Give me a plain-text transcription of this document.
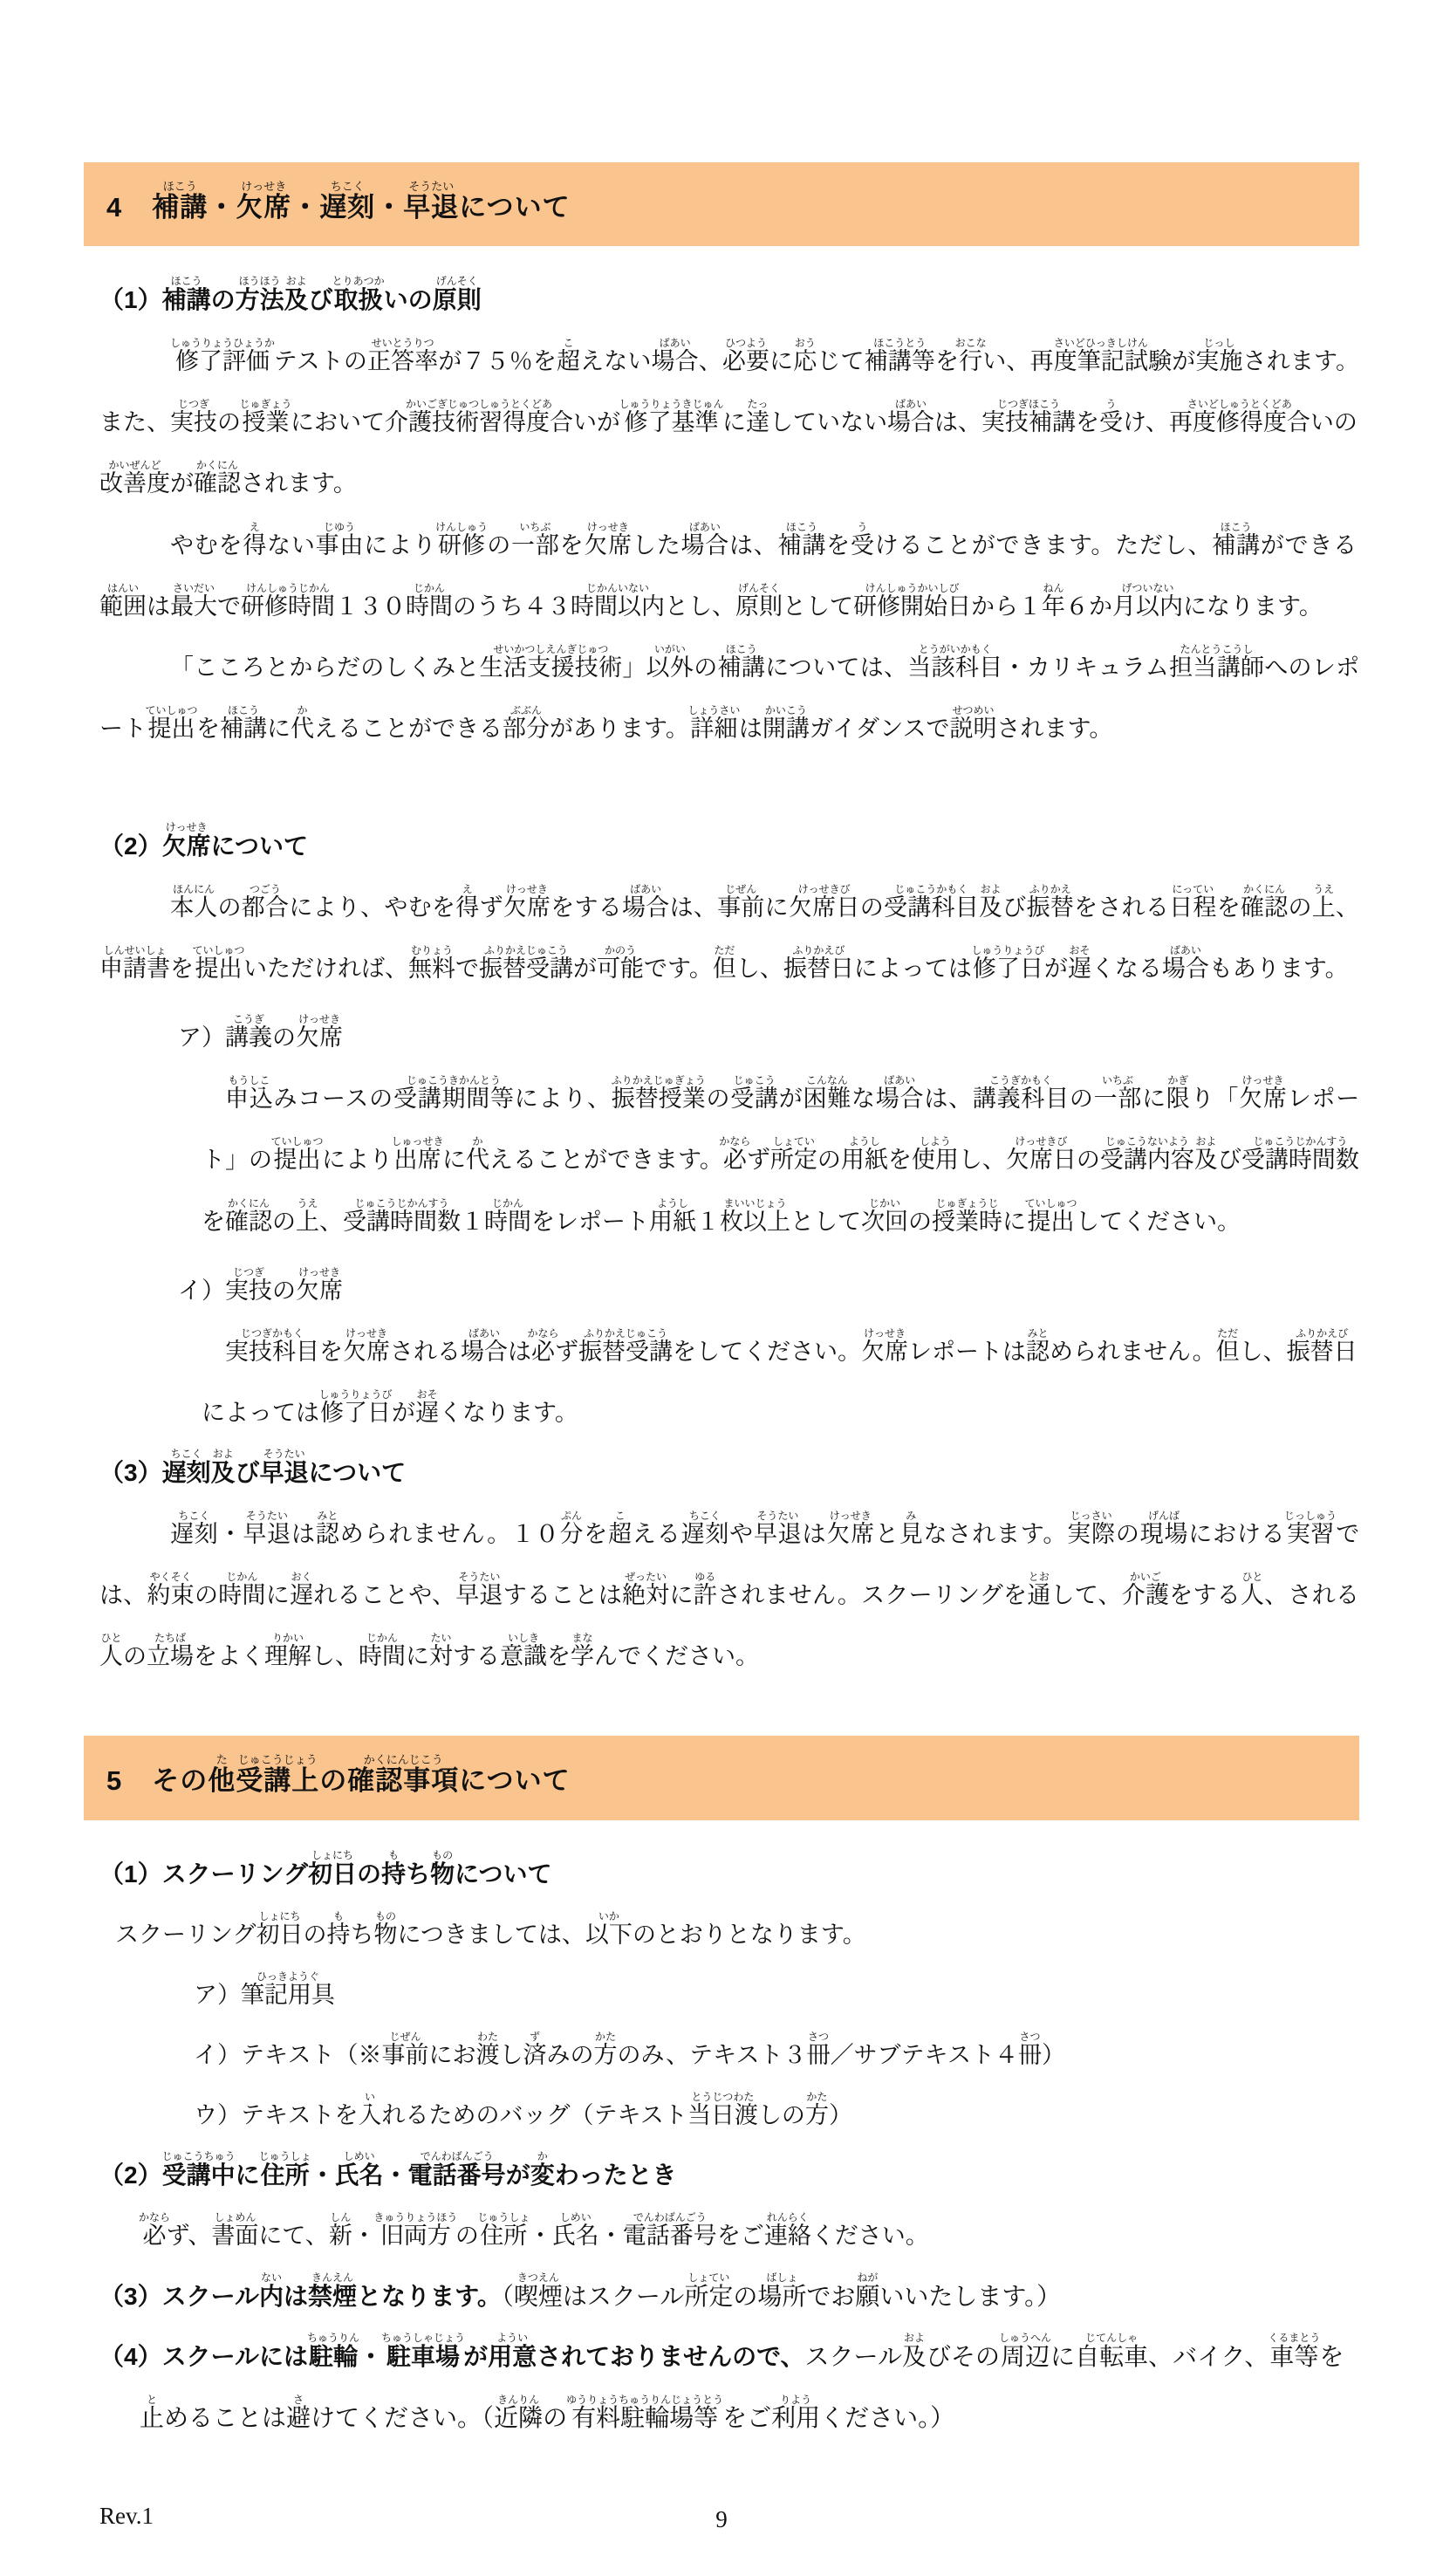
4 補講ほこう・欠席けっせき・遅刻ちこく・早退そうたいについて
（1）補講ほこうの方法ほうほう及および取扱とりあつかいの原則げんそく

修了評価しゅうりょうひょうかテストの正答率せいとうりつが７５％を超こえない場合ばあい、必要ひつように応おうじて補講等ほこうとうを行おこない、再度筆記試験さいどひっきしけんが実施じっしされます。また、実技じつぎの授業じゅぎょうにおいて介護技術習得度合かいごぎじゅつしゅうとくどあいが修了基準しゅうりょうきじゅんに達たっしていない場合ばあいは、実技補講じつぎほこうを受うけ、再度修得度合さいどしゅうとくどあいの改善度かいぜんどが確認かくにんされます。

やむを得えない事由じゆうにより研修けんしゅうの一部いちぶを欠席けっせきした場合ばあいは、補講ほこうを受うけることができます。ただし、補講ほこうができる範囲はんいは最大さいだいで研修時間けんしゅうじかん１３０時間じかんのうち４３時間以内じかんいないとし、原則げんそくとして研修開始日けんしゅうかいしびから１年ねん６か月以内げついないになります。

「こころとからだのしくみと生活支援技術せいかつしえんぎじゅつ」以外いがいの補講ほこうについては、当該科目とうがいかもく・カリキュラム担当講師たんとうこうしへのレポート提出ていしゅつを補講ほこうに代かえることができる部分ぶぶんがあります。詳細しょうさいは開講かいこうガイダンスで説明せつめいされます。

（2）欠席けっせきについて

本人ほんにんの都合つごうにより、やむを得えず欠席けっせきをする場合ばあいは、事前じぜんに欠席日けっせきびの受講科目じゅこうかもく及および振替ふりかえをされる日程にっていを確認かくにんの上うえ、申請書しんせいしょを提出ていしゅついただければ、無料むりょうで振替受講ふりかえじゅこうが可能かのうです。但ただし、振替日ふりかえびによっては修了日しゅうりょうびが遅おそくなる場合ばあいもあります。

ア）講義こうぎの欠席けっせき

申込もうしこみコースの受講期間等じゅこうきかんとうにより、振替授業ふりかえじゅぎょうの受講じゅこうが困難こんなんな場合ばあいは、講義科目こうぎかもくの一部いちぶに限かぎり「欠席けっせきレポート」の提出ていしゅつにより出席しゅっせきに代かえることができます。必かならず所定しょていの用紙ようしを使用しようし、欠席日けっせきびの受講内容じゅこうないよう及および受講時間数じゅこうじかんすうを確認かくにんの上うえ、受講時間数じゅこうじかんすう１時間じかんをレポート用紙ようし１枚以上まいいじょうとして次回じかいの授業時じゅぎょうじに提出ていしゅつしてください。

イ）実技じつぎの欠席けっせき

実技科目じつぎかもくを欠席けっせきされる場合ばあいは必かならず振替受講ふりかえじゅこうをしてください。欠席けっせきレポートは認みとめられません。但ただし、振替日ふりかえびによっては修了日しゅうりょうびが遅おそくなります。

（3）遅刻ちこく及および早退そうたいについて

遅刻ちこく・早退そうたいは認みとめられません。１０分ぷんを超こえる遅刻ちこくや早退そうたいは欠席けっせきと見みなされます。実際じっさいの現場げんばにおける実習じっしゅうでは、約束やくそくの時間じかんに遅おくれることや、早退そうたいすることは絶対ぜったいに許ゆるされません。スクーリングを通とおして、介護かいごをする人ひと、される人ひとの立場たちばをよく理解りかいし、時間じかんに対たいする意識いしきを学まなんでください。

5 その他た受講上じゅこうじょうの確認事項かくにんじこうについて
（1）スクーリング初日しょにちの持もち物ものについて

スクーリング初日しょにちの持もち物ものにつきましては、以下いかのとおりとなります。

ア）筆記用具ひっきようぐ
イ）テキスト（※事前じぜんにお渡わたし済ずみの方かたのみ、テキスト３冊さつ／サブテキスト４冊さつ）
ウ）テキストを入いれるためのバッグ（テキスト当日渡とうじつわたしの方かた）
（2）受講中じゅこうちゅうに住所じゅうしょ・氏名しめい・電話番号でんわばんごうが変かわったとき

必かならず、書面しょめんにて、新しん・旧両方きゅうりょうほうの住所じゅうしょ・氏名しめい・電話番号でんわばんごうをご連絡れんらくください。

（3）スクール内ないは禁煙きんえんとなります。（喫煙きつえんはスクール所定しょていの場所ばしょでお願ねがいいたします。）
（4）スクールには駐輪ちゅうりん・駐車場ちゅうしゃじょうが用意よういされておりませんので、スクール及およびその周辺しゅうへんに自転車じてんしゃ、バイク、車等くるまとうを止とめることは避さけてください。（近隣きんりんの有料駐輪場等ゆうりょうちゅうりんじょうとうをご利用りようください。）
Rev.1	9
